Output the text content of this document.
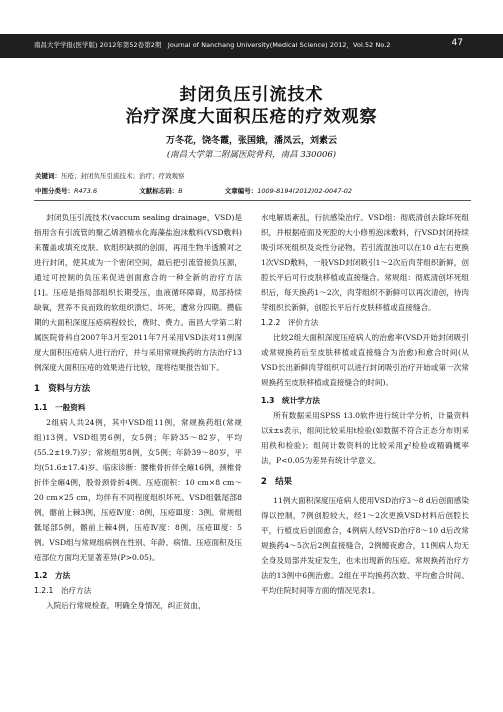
南昌大学学报(医学版) 2012年第52卷第2期　Journal of Nanchang University(Medical Science) 2012，Vol.52 No.2	47
封闭负压引流技术
治疗深度大面积压疮的疗效观察
万冬花，饶冬霞，张国娥，潘凤云，刘素云
(南昌大学第二附属医院骨科，南昌 330006)
关键词：压疮；封闭负压引流技术；治疗；疗效观察
中图分类号：R473.6	文献标志码：B	文章编号：1009-8194(2012)02-0047-02

封闭负压引流技术(vaccum sealing drainage，VSD)是指用含有引流管的聚乙烯酒精水化海藻盐泡沫敷料(VSD敷料)来覆盖或填充皮肤、软组织缺损的创面，再用生物半透膜对之进行封闭，使其成为一个密闭空间，最后把引流管接负压源，通过可控制的负压来促进创面愈合的一种全新的治疗方法[1]。压疮是指局部组织长期受压，血液循环障碍，局部持续缺氧，营养不良而致的软组织溃烂、坏死，遭常分四期。攒临期的大面积深度压疮病程较长，费时、费力。南昌大学第二附属医院骨科自2007年3月至2011年7月采用VSD法对11例深度大面积压疮病人进行治疗，并与采用常规换药的方法治疗13例深度大面积压疮的效果进行比较，现将结果报告如下。

1　资料与方法
1.1　一般资料

2组病人共24例，其中VSD组11例，常规换药组(常规组)13例。VSD组男6例，女5例；年龄35～82岁，平均(55.2±19.7)岁；常规组男8例，女5例；年龄39～80岁，平均(51.6±17.4)岁。临床诊断：腰椎骨折伴全瘫16例，颈椎骨折伴全瘫4例，股骨颈骨折4例。压疮面积：10 cm×8 cm～20 cm×25 cm，均伴有不同程度组织坏死。VSD组骶尾部8例，髂前上棘3例，压疮Ⅳ度：8例，压疮Ⅲ度：3例。常规组骶尾部5例，髂前上棘4例，压疮Ⅳ度：8例，压疮Ⅲ度：5例。VSD组与常规组病例在性别、年龄、病情、压疮面积及压疮部位方面均无显著差异(P>0.05)。

1.2　方法
1.2.1　治疗方法

入院后行常规检查，明确全身情况，纠正贫血，

水电解质紊乱，行抗感染治疗。VSD组：彻底清创去除坏死组织，并根据疮面及死腔的大小修剪泡沫敷料，行VSD封闭持续吸引坏死组织及炎性分泌物。若引流混浊可以在10 d左右更换1次VSD敷料，一般VSD封闭吸引1～2次后肉芽组织新鲜，创腔长平后可行皮肤移植或直接缝合。常规组：彻底清创坏死组织后，每天换药1～2次，肉芽组织不新鲜可以再次清创，待肉芽组织长新鲜，创腔长平后行皮肤移植或直接缝合。

1.2.2　评价方法

比较2组大面积深度压疮病人的治愈率(VSD开始封闭吸引或常规换药后至皮肤移植或直接缝合为治愈)和愈合时间(从VSD长出新鲜肉芽组织可以进行封闭吸引治疗开始或第一次常规换药至皮肤移植或直接缝合的时间)。

1.3　统计学方法

所有数据采用SPSS 13.0软件进行统计学分析，计量资料以x̄±s表示，组间比较采用t检验(如数据不符合正态分布则采用秩和检验)；组间计数资料的比较采用χ²检验或精确概率法，P<0.05为差异有统计学意义。

2　结果

11例大面积深度压疮病人使用VSD治疗3～8 d后创面感染得以控制，7例创腔较大，经1～2次更换VSD材料后创腔长平，行植皮后创面愈合，4例病人经VSD治疗8～10 d后改常规换药4～5次后2例直接缝合，2例缠夜愈合，11例病人均无全身及局部并发症发生，也未出现新的压疮。常规换药治疗方法的13例中6例治愈。2组在平均换药次数、平均愈合时间、平均住院时间等方面的情况见表1。
